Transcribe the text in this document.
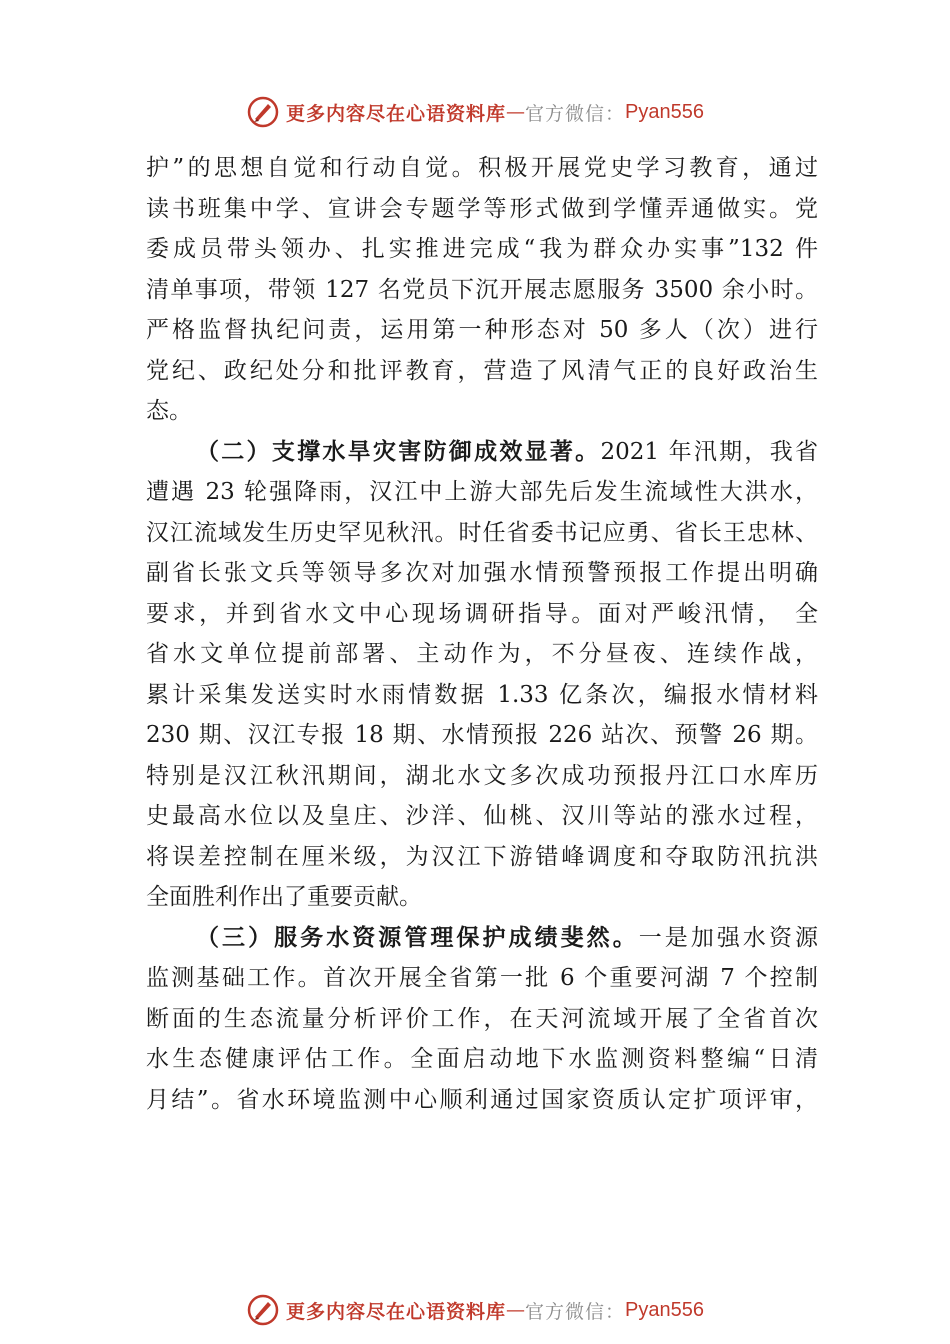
更多内容尽在心语资料库 — 官方微信： Pyan556
护”的思想自觉和行动自觉。积极开展党史学习教育，通过
读书班集中学、宣讲会专题学等形式做到学懂弄通做实。党
委成员带头领办、扎实推进完成“我为群众办实事”132 件
清单事项，带领 127 名党员下沉开展志愿服务 3500 余小时。
严格监督执纪问责，运用第一种形态对 50 多人（次）进行
党纪、政纪处分和批评教育，营造了风清气正的良好政治生
态。
（二）支撑水旱灾害防御成效显著。2021 年汛期，我省
遭遇 23 轮强降雨，汉江中上游大部先后发生流域性大洪水，
汉江流域发生历史罕见秋汛。时任省委书记应勇、省长王忠林、
副省长张文兵等领导多次对加强水情预警预报工作提出明确
要求，并到省水文中心现场调研指导。面对严峻汛情， 全
省水文单位提前部署、主动作为，不分昼夜、连续作战，
累计采集发送实时水雨情数据 1.33 亿条次，编报水情材料
230 期、汉江专报 18 期、水情预报 226 站次、预警 26 期。
特别是汉江秋汛期间，湖北水文多次成功预报丹江口水库历
史最高水位以及皇庄、沙洋、仙桃、汉川等站的涨水过程，
将误差控制在厘米级，为汉江下游错峰调度和夺取防汛抗洪
全面胜利作出了重要贡献。
（三）服务水资源管理保护成绩斐然。一是加强水资源
监测基础工作。首次开展全省第一批 6 个重要河湖 7 个控制
断面的生态流量分析评价工作，在天河流域开展了全省首次
水生态健康评估工作。全面启动地下水监测资料整编“日清
月结”。省水环境监测中心顺利通过国家资质认定扩项评审，
更多内容尽在心语资料库 — 官方微信： Pyan556
